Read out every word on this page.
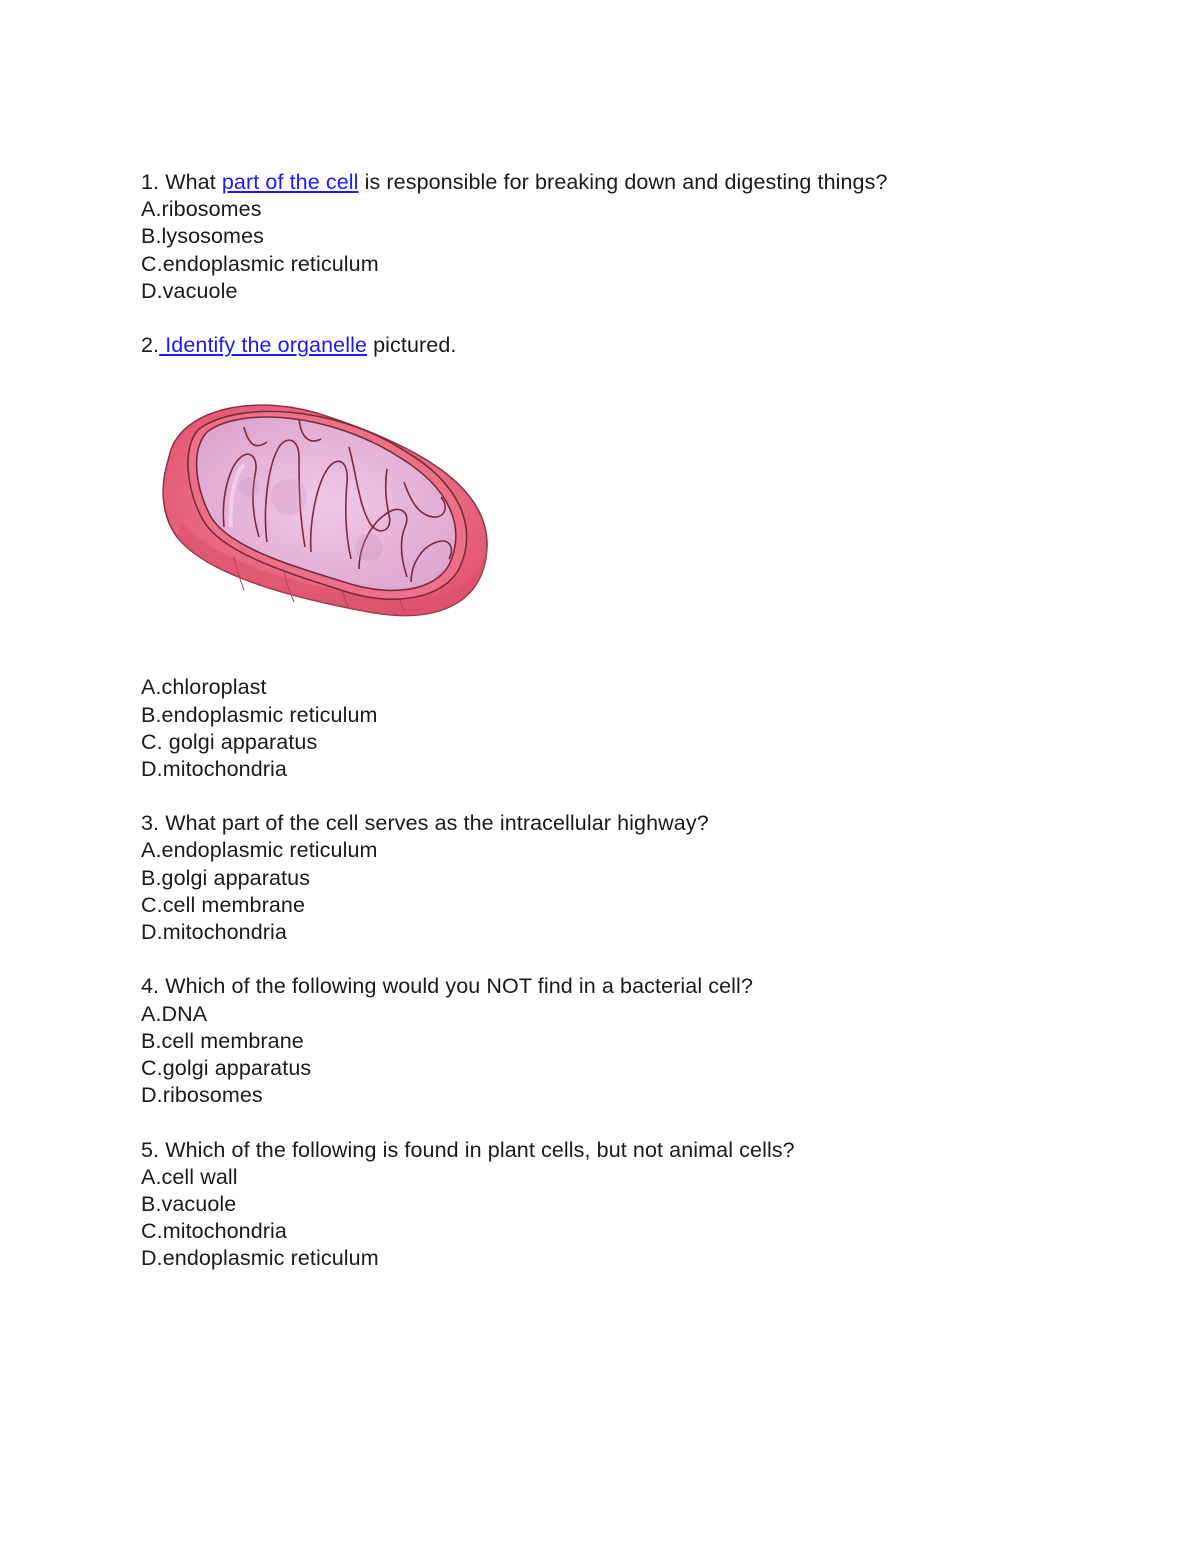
1. What part of the cell is responsible for breaking down and digesting things?
A.ribosomes
B.lysosomes
C.endoplasmic reticulum
D.vacuole
2. Identify the organelle pictured.
A.chloroplast
B.endoplasmic reticulum
C. golgi apparatus
D.mitochondria
3. What part of the cell serves as the intracellular highway?
A.endoplasmic reticulum
B.golgi apparatus
C.cell membrane
D.mitochondria
4. Which of the following would you NOT find in a bacterial cell?
A.DNA
B.cell membrane
C.golgi apparatus
D.ribosomes
5. Which of the following is found in plant cells, but not animal cells?
A.cell wall
B.vacuole
C.mitochondria
D.endoplasmic reticulum
